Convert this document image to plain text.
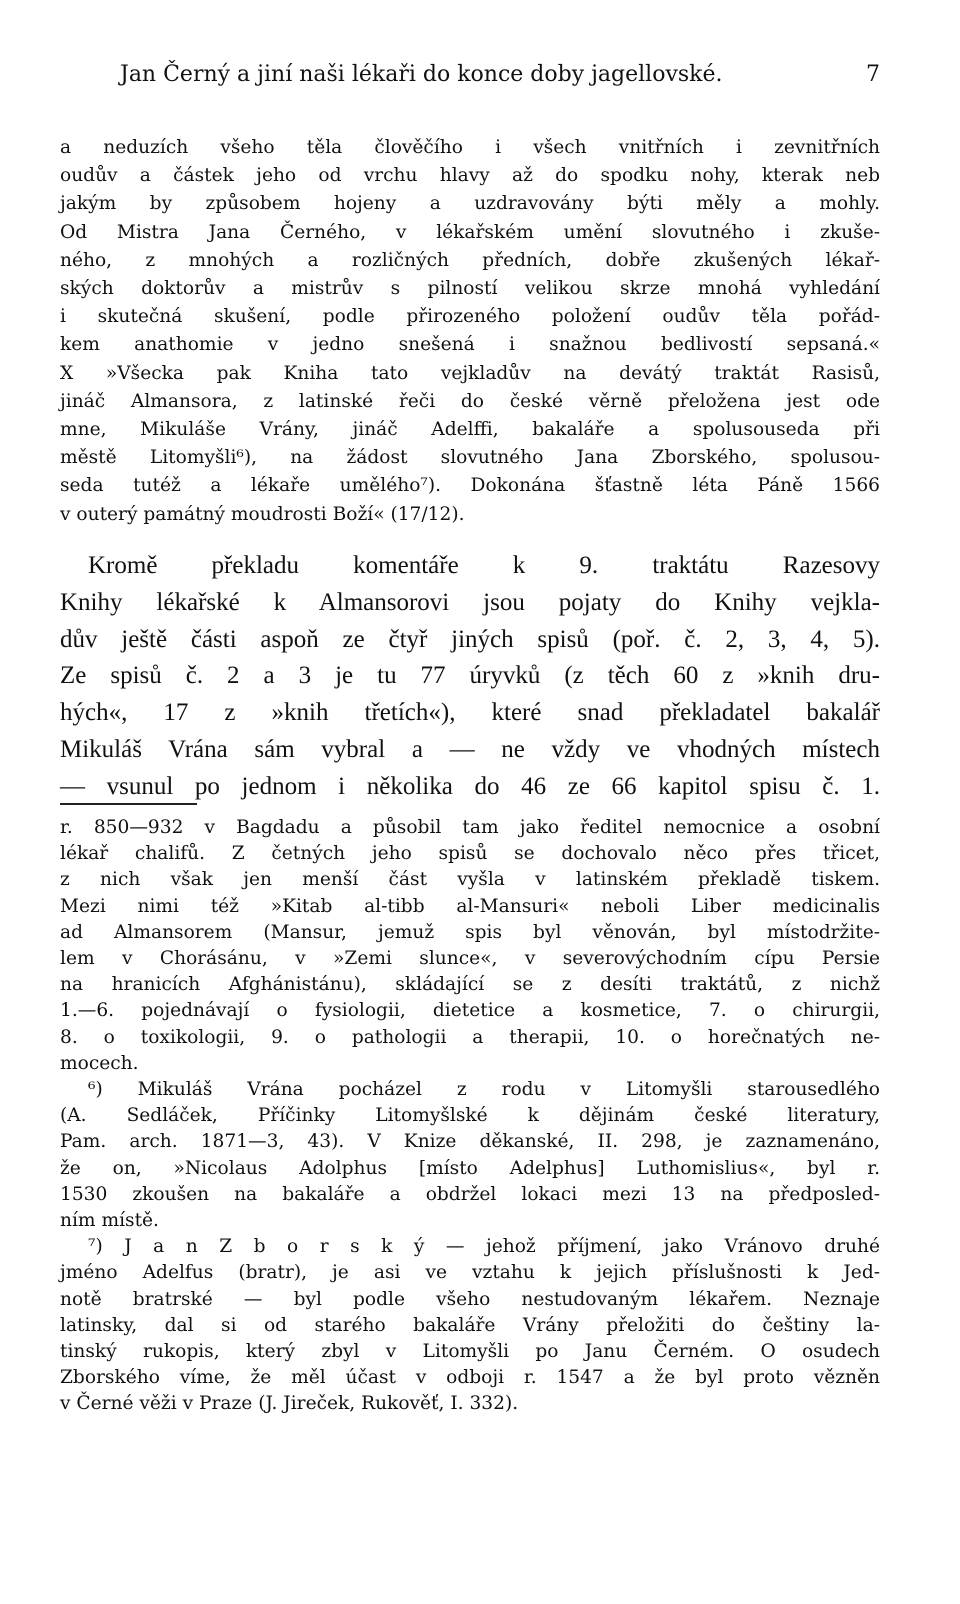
Jan Černý a jiní naši lékaři do konce doby jagellovské.	7
a neduzích všeho těla člověčího i všech vnitřních i zevnitřních
oudův a částek jeho od vrchu hlavy až do spodku nohy, kterak neb
jakým by způsobem hojeny a uzdravovány býti měly a mohly.
Od Mistra Jana Černého, v lékařském umění slovutného i zkuše-
ného, z mnohých a rozličných předních, dobře zkušených lékař-
ských doktorův a mistrův s pilností velikou skrze mnohá vyhledání
i skutečná skušení, podle přirozeného položení oudův těla pořád-
kem anathomie v jedno snešená i snažnou bedlivostí sepsaná.«
X »Všecka pak Kniha tato vejkladův na devátý traktát Rasisů,
jináč Almansora, z latinské řeči do české věrně přeložena jest ode
mne, Mikuláše Vrány, jináč Adelffi, bakaláře a spolusouseda při
městě Litomyšli⁶), na žádost slovutného Jana Zborského, spolusou-
seda tutéž a lékaře umělého⁷). Dokonána šťastně léta Páně 1566
v outerý památný moudrosti Boží« (17/12).
Kromě překladu komentáře k 9. traktátu Razesovy
Knihy lékařské k Almansorovi jsou pojaty do Knihy vejkla-
dův ještě části aspoň ze čtyř jiných spisů (poř. č. 2, 3, 4, 5).
Ze spisů č. 2 a 3 je tu 77 úryvků (z těch 60 z »knih dru-
hých«, 17 z »knih třetích«), které snad překladatel bakalář
Mikuláš Vrána sám vybral a — ne vždy ve vhodných místech
— vsunul po jednom i několika do 46 ze 66 kapitol spisu č. 1.
r. 850—932 v Bagdadu a působil tam jako ředitel nemocnice a osobní
lékař chalifů. Z četných jeho spisů se dochovalo něco přes třicet,
z nich však jen menší část vyšla v latinském překladě tiskem.
Mezi nimi též »Kitab al-tibb al-Mansuri« neboli Liber medicinalis
ad Almansorem (Mansur, jemuž spis byl věnován, byl místodržite-
lem v Chorásánu, v »Zemi slunce«, v severovýchodním cípu Persie
na hranicích Afghánistánu), skládající se z desíti traktátů, z nichž
1.—6. pojednávají o fysiologii, dietetice a kosmetice, 7. o chirurgii,
8. o toxikologii, 9. o pathologii a therapii, 10. o horečnatých ne-
mocech.
⁶) Mikuláš Vrána pocházel z rodu v Litomyšli starousedlého
(A. Sedláček, Příčinky Litomyšlské k dějinám české literatury,
Pam. arch. 1871—3, 43). V Knize děkanské, II. 298, je zaznamenáno,
že on, »Nicolaus Adolphus [místo Adelphus] Luthomislius«, byl r.
1530 zkoušen na bakaláře a obdržel lokaci mezi 13 na předposled-
ním místě.
⁷) J a n Z b o r s k ý — jehož příjmení, jako Vránovo druhé
jméno Adelfus (bratr), je asi ve vztahu k jejich příslušnosti k Jed-
notě bratrské — byl podle všeho nestudovaným lékařem. Neznaje
latinsky, dal si od starého bakaláře Vrány přeložiti do češtiny la-
tinský rukopis, který zbyl v Litomyšli po Janu Černém. O osudech
Zborského víme, že měl účast v odboji r. 1547 a že byl proto vězněn
v Černé věži v Praze (J. Jireček, Rukověť, I. 332).
